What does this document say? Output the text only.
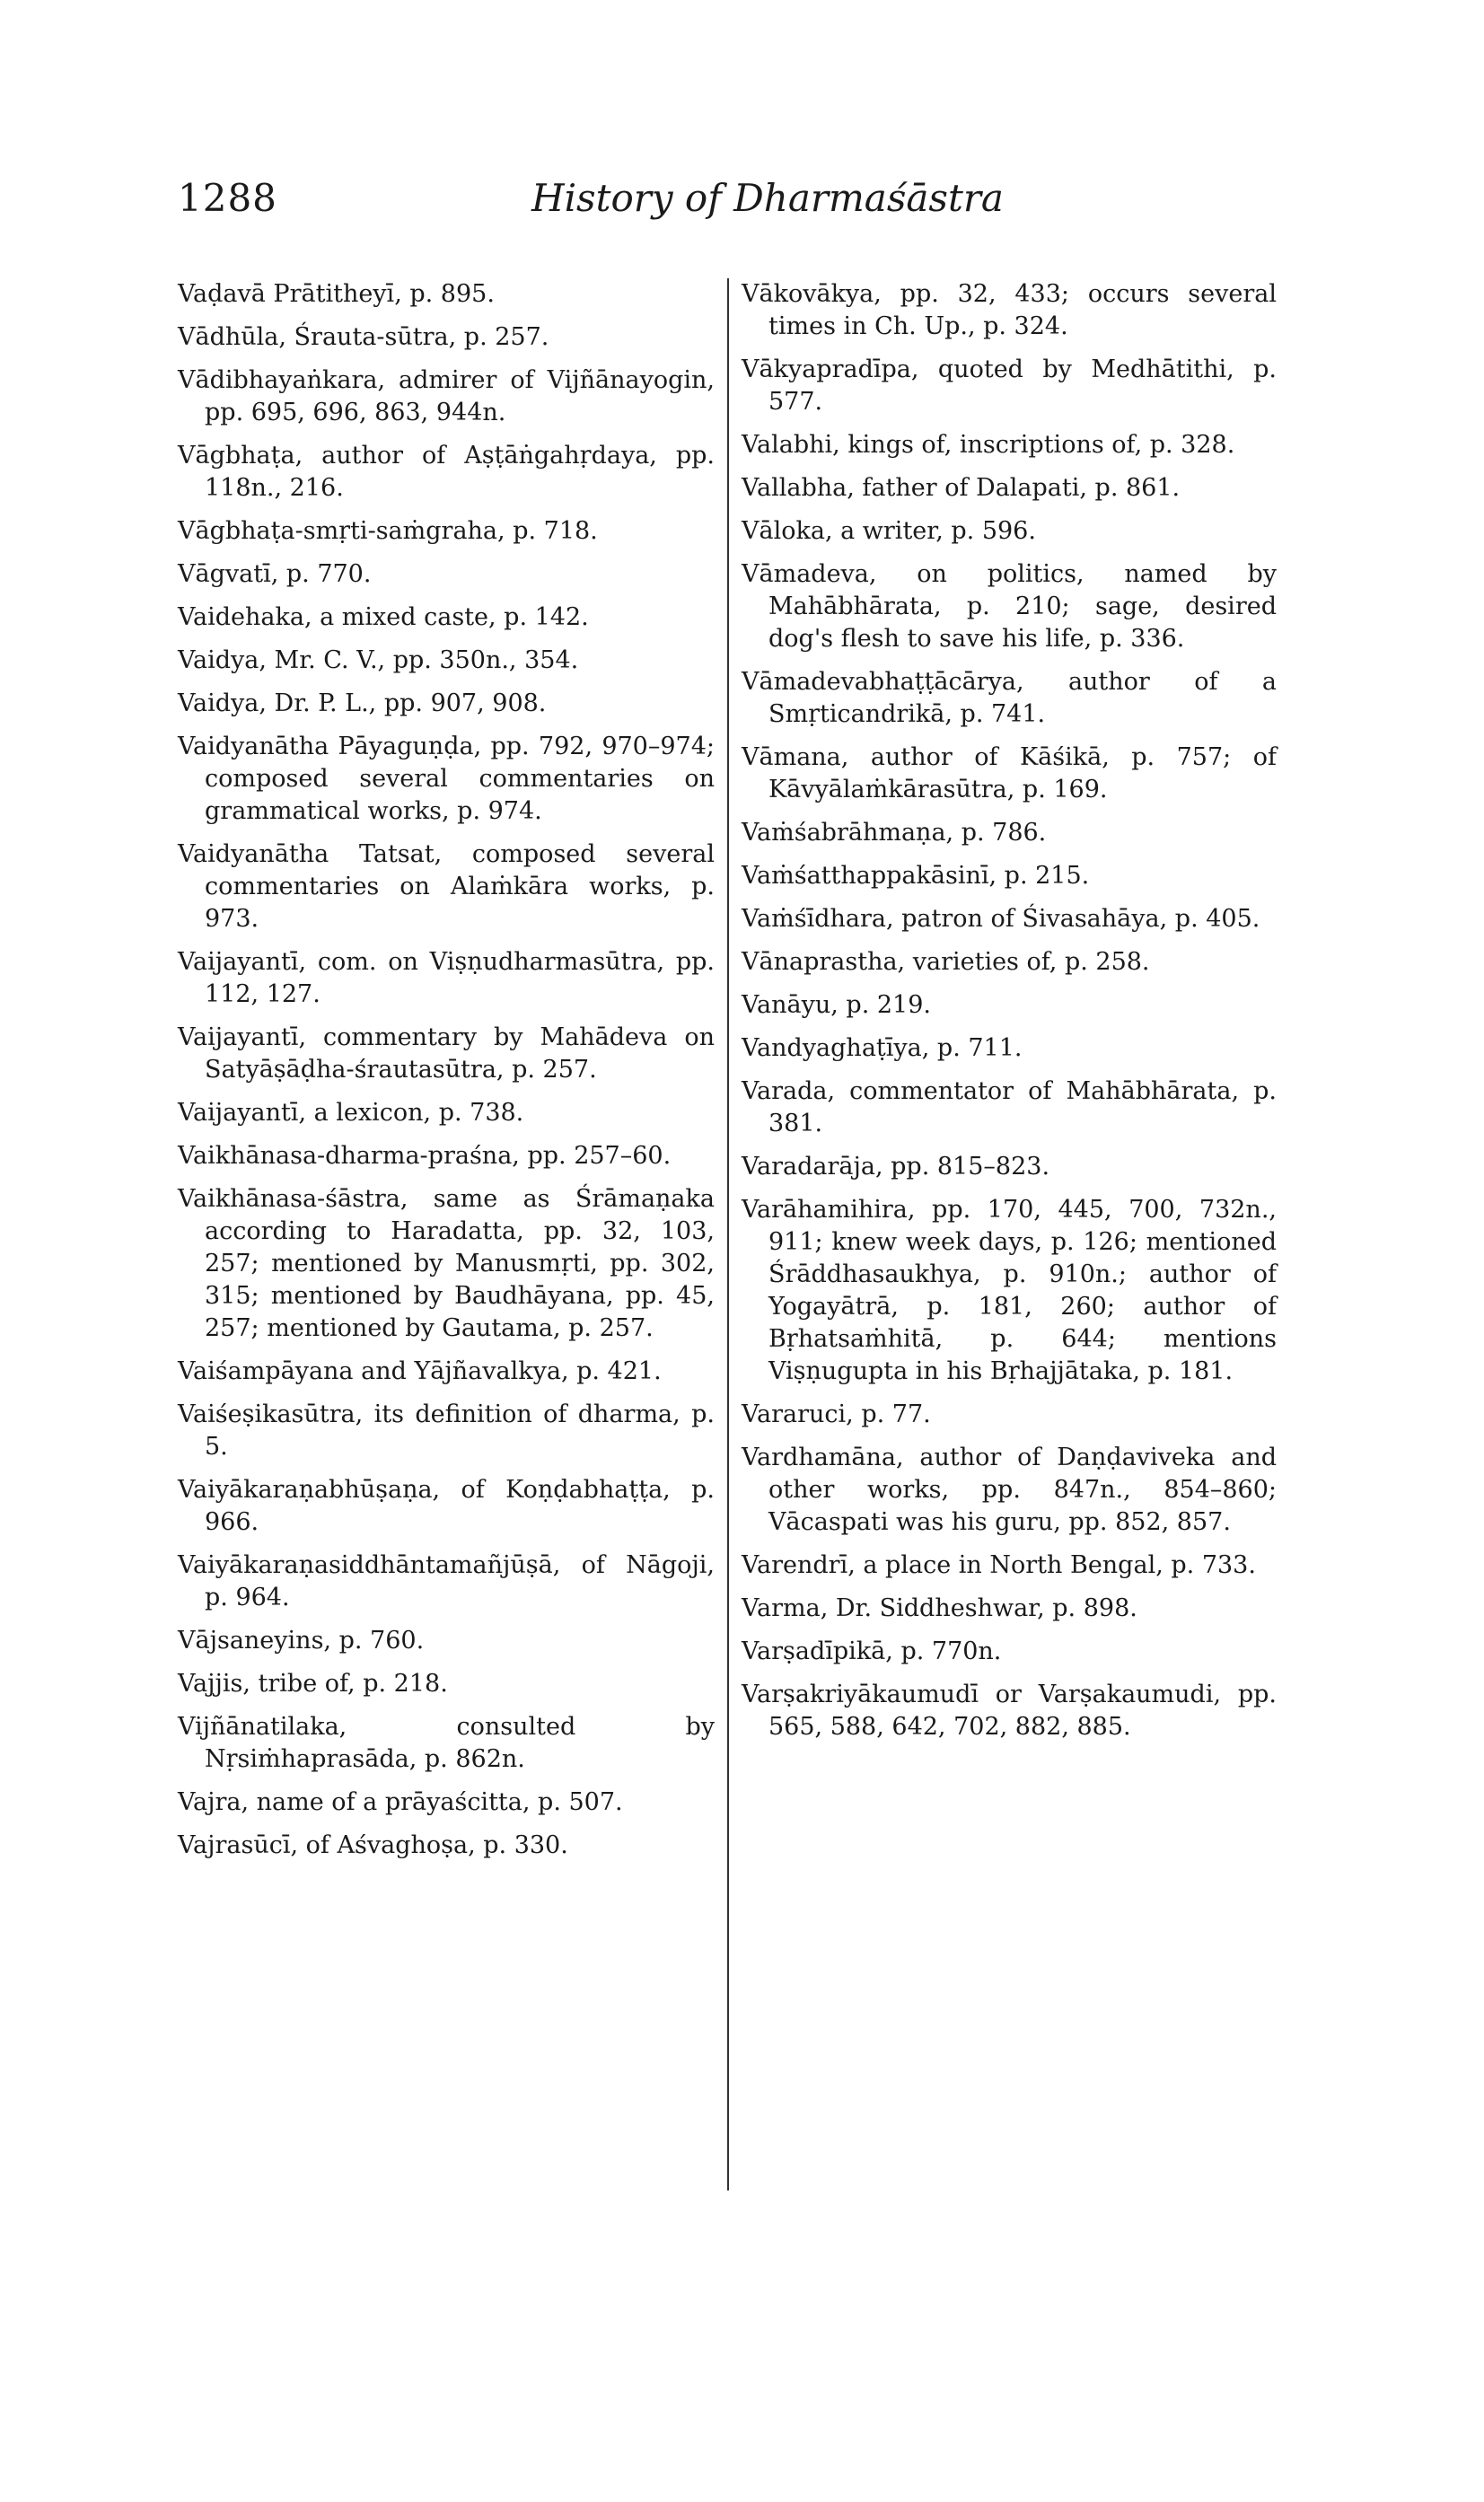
1288	History of Dharmaśāstra

Vaḍavā Prātitheyī, p. 895.

Vādhūla, Śrauta-sūtra, p. 257.

Vādibhayaṅkara, admirer of Vijñānayogin, pp. 695, 696, 863, 944n.

Vāgbhaṭa, author of Aṣṭāṅgahṛdaya, pp. 118n., 216.

Vāgbhaṭa-smṛti-saṁgraha, p. 718.

Vāgvatī, p. 770.

Vaidehaka, a mixed caste, p. 142.

Vaidya, Mr. C. V., pp. 350n., 354.

Vaidya, Dr. P. L., pp. 907, 908.

Vaidyanātha Pāyaguṇḍa, pp. 792, 970–974; composed several commentaries on grammatical works, p. 974.

Vaidyanātha Tatsat, composed several commentaries on Alaṁkāra works, p. 973.

Vaijayantī, com. on Viṣṇudharmasūtra, pp. 112, 127.

Vaijayantī, commentary by Mahādeva on Satyāṣāḍha-śrautasūtra, p. 257.

Vaijayantī, a lexicon, p. 738.

Vaikhānasa-dharma-praśna, pp. 257–60.

Vaikhānasa-śāstra, same as Śrāmaṇaka according to Haradatta, pp. 32, 103, 257; mentioned by Manusmṛti, pp. 302, 315; mentioned by Baudhāyana, pp. 45, 257; mentioned by Gautama, p. 257.

Vaiśampāyana and Yājñavalkya, p. 421.

Vaiśeṣikasūtra, its definition of dharma, p. 5.

Vaiyākaraṇabhūṣaṇa, of Koṇḍabhaṭṭa, p. 966.

Vaiyākaraṇasiddhāntamañjūṣā, of Nāgoji, p. 964.

Vājsaneyins, p. 760.

Vajjis, tribe of, p. 218.

Vijñānatilaka, consulted by Nṛsiṁhaprasāda, p. 862n.

Vajra, name of a prāyaścitta, p. 507.

Vajrasūcī, of Aśvaghoṣa, p. 330.

Vākovākya, pp. 32, 433; occurs several times in Ch. Up., p. 324.

Vākyapradīpa, quoted by Medhātithi, p. 577.

Valabhi, kings of, inscriptions of, p. 328.

Vallabha, father of Dalapati, p. 861.

Vāloka, a writer, p. 596.

Vāmadeva, on politics, named by Mahābhārata, p. 210; sage, desired dog's flesh to save his life, p. 336.

Vāmadevabhaṭṭācārya, author of a Smṛticandrikā, p. 741.

Vāmana, author of Kāśikā, p. 757; of Kāvyālaṁkārasūtra, p. 169.

Vaṁśabrāhmaṇa, p. 786.

Vaṁśatthappakāsinī, p. 215.

Vaṁśīdhara, patron of Śivasahāya, p. 405.

Vānaprastha, varieties of, p. 258.

Vanāyu, p. 219.

Vandyaghaṭīya, p. 711.

Varada, commentator of Mahābhārata, p. 381.

Varadarāja, pp. 815–823.

Varāhamihira, pp. 170, 445, 700, 732n., 911; knew week days, p. 126; mentioned Śrāddhasaukhya, p. 910n.; author of Yogayātrā, p. 181, 260; author of Bṛhatsaṁhitā, p. 644; mentions Viṣṇugupta in his Bṛhajjātaka, p. 181.

Vararuci, p. 77.

Vardhamāna, author of Daṇḍaviveka and other works, pp. 847n., 854–860; Vācaspati was his guru, pp. 852, 857.

Varendrī, a place in North Bengal, p. 733.

Varma, Dr. Siddheshwar, p. 898.

Varṣadīpikā, p. 770n.

Varṣakriyākaumudī or Varṣakaumudi, pp. 565, 588, 642, 702, 882, 885.
